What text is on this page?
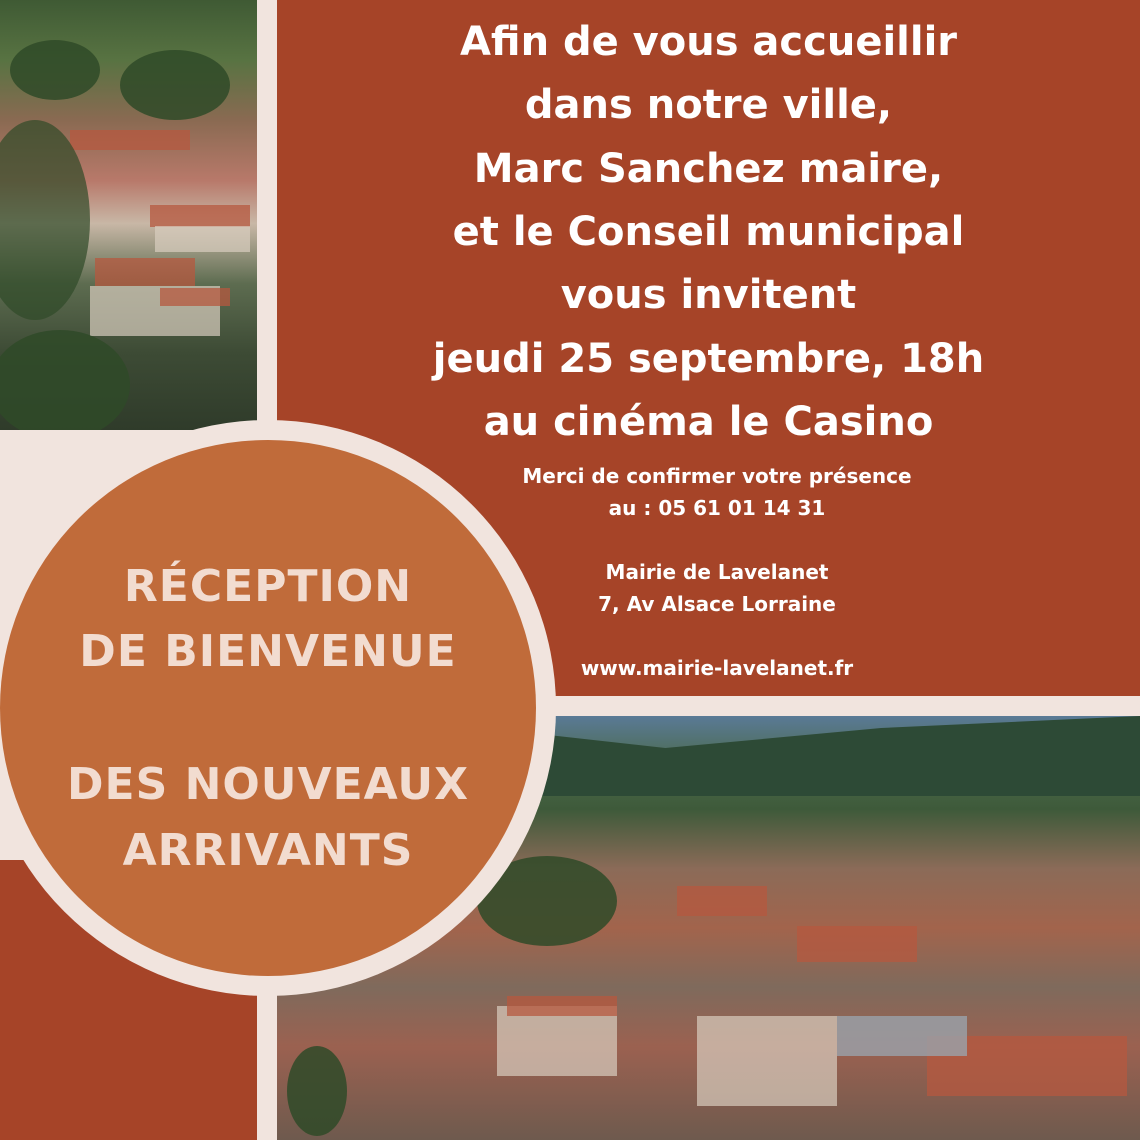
Afin de vous accueillir
dans notre ville,
Marc Sanchez maire,
et le Conseil municipal
vous invitent
jeudi 25 septembre, 18h
au cinéma le Casino
Merci de confirmer votre présence
au : 05 61 01 14 31
Mairie de Lavelanet
7, Av Alsace Lorraine
www.mairie-lavelanet.fr
RÉCEPTION
DE BIENVENUE
DES NOUVEAUX
ARRIVANTS
